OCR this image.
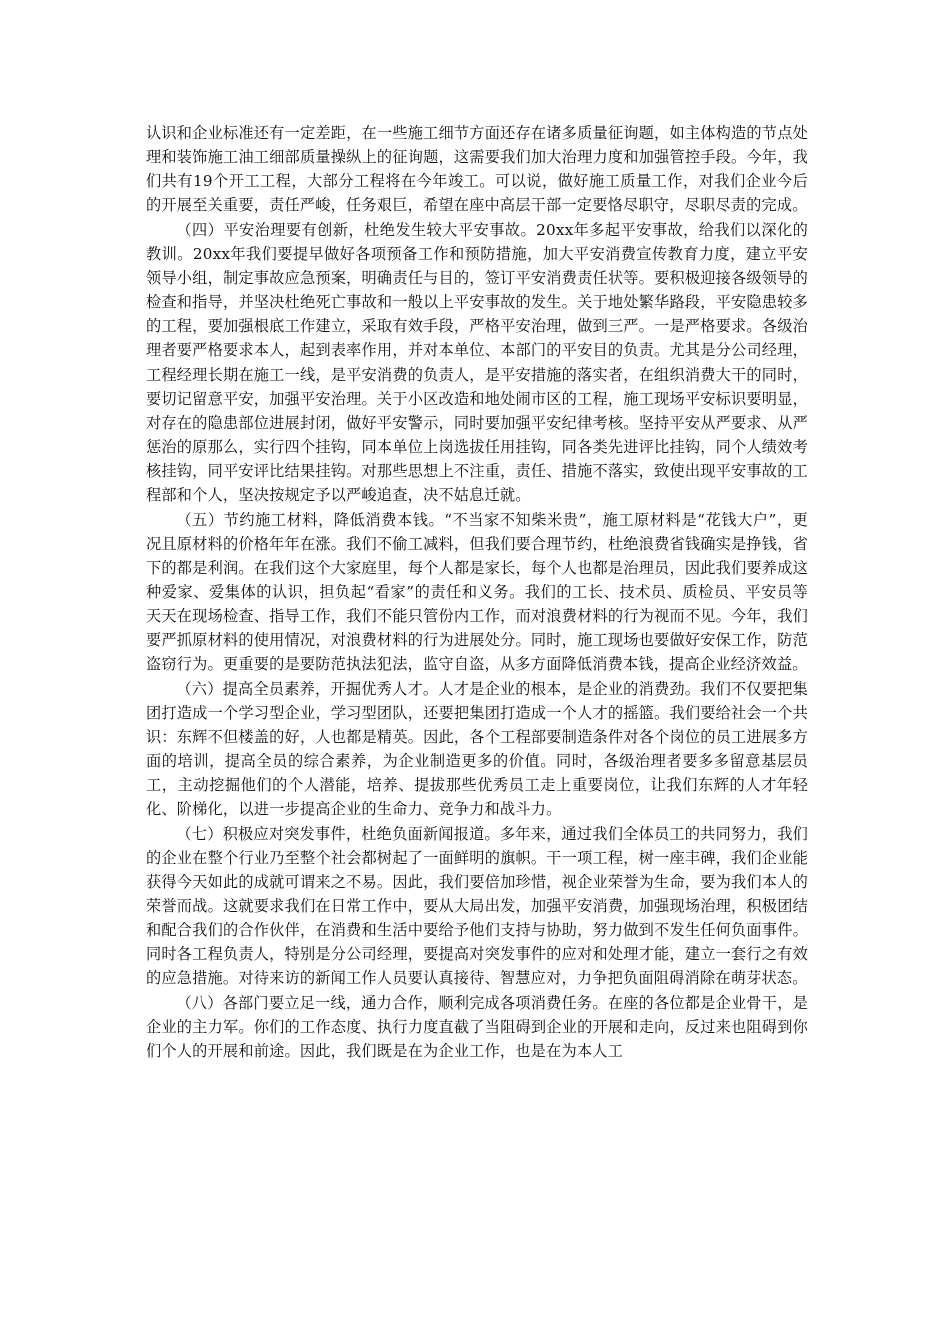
认识和企业标准还有一定差距，在一些施工细节方面还存在诸多质量征询题，如主体构造的节点处理和装饰施工油工细部质量操纵上的征询题，这需要我们加大治理力度和加强管控手段。今年，我们共有19个开工工程，大部分工程将在今年竣工。可以说，做好施工质量工作，对我们企业今后的开展至关重要，责任严峻，任务艰巨，希望在座中高层干部一定要恪尽职守，尽职尽责的完成。

（四）平安治理要有创新，杜绝发生较大平安事故。20xx年多起平安事故，给我们以深化的教训。20xx年我们要提早做好各项预备工作和预防措施，加大平安消费宣传教育力度，建立平安领导小组，制定事故应急预案，明确责任与目的，签订平安消费责任状等。要积极迎接各级领导的检查和指导，并坚决杜绝死亡事故和一般以上平安事故的发生。关于地处繁华路段，平安隐患较多的工程，要加强根底工作建立，采取有效手段，严格平安治理，做到三严。一是严格要求。各级治理者要严格要求本人，起到表率作用，并对本单位、本部门的平安目的负责。尤其是分公司经理，工程经理长期在施工一线，是平安消费的负责人，是平安措施的落实者，在组织消费大干的同时，要切记留意平安，加强平安治理。关于小区改造和地处闹市区的工程，施工现场平安标识要明显，对存在的隐患部位进展封闭，做好平安警示，同时要加强平安纪律考核。坚持平安从严要求、从严惩治的原那么，实行四个挂钩，同本单位上岗选拔任用挂钩，同各类先进评比挂钩，同个人绩效考核挂钩，同平安评比结果挂钩。对那些思想上不注重，责任、措施不落实，致使出现平安事故的工程部和个人，坚决按规定予以严峻追查，决不姑息迁就。

（五）节约施工材料，降低消费本钱。“不当家不知柴米贵”，施工原材料是“花钱大户”，更况且原材料的价格年年在涨。我们不偷工减料，但我们要合理节约，杜绝浪费省钱确实是挣钱，省下的都是利润。在我们这个大家庭里，每个人都是家长，每个人也都是治理员，因此我们要养成这种爱家、爱集体的认识，担负起“看家”的责任和义务。我们的工长、技术员、质检员、平安员等天天在现场检查、指导工作，我们不能只管份内工作，而对浪费材料的行为视而不见。今年，我们要严抓原材料的使用情况，对浪费材料的行为进展处分。同时，施工现场也要做好安保工作，防范盗窃行为。更重要的是要防范执法犯法，监守自盗，从多方面降低消费本钱，提高企业经济效益。

（六）提高全员素养，开掘优秀人才。人才是企业的根本，是企业的消费劲。我们不仅要把集团打造成一个学习型企业，学习型团队，还要把集团打造成一个人才的摇篮。我们要给社会一个共识：东辉不但楼盖的好，人也都是精英。因此，各个工程部要制造条件对各个岗位的员工进展多方面的培训，提高全员的综合素养，为企业制造更多的价值。同时，各级治理者要多多留意基层员工，主动挖掘他们的个人潜能，培养、提拔那些优秀员工走上重要岗位，让我们东辉的人才年轻化、阶梯化，以进一步提高企业的生命力、竞争力和战斗力。

（七）积极应对突发事件，杜绝负面新闻报道。多年来，通过我们全体员工的共同努力，我们的企业在整个行业乃至整个社会都树起了一面鲜明的旗帜。干一项工程，树一座丰碑，我们企业能获得今天如此的成就可谓来之不易。因此，我们要倍加珍惜，视企业荣誉为生命，要为我们本人的荣誉而战。这就要求我们在日常工作中，要从大局出发，加强平安消费，加强现场治理，积极团结和配合我们的合作伙伴，在消费和生活中要给予他们支持与协助，努力做到不发生任何负面事件。同时各工程负责人，特别是分公司经理，要提高对突发事件的应对和处理才能，建立一套行之有效的应急措施。对待来访的新闻工作人员要认真接待、智慧应对，力争把负面阻碍消除在萌芽状态。

（八）各部门要立足一线，通力合作，顺利完成各项消费任务。在座的各位都是企业骨干，是企业的主力军。你们的工作态度、执行力度直截了当阻碍到企业的开展和走向，反过来也阻碍到你们个人的开展和前途。因此，我们既是在为企业工作，也是在为本人工
